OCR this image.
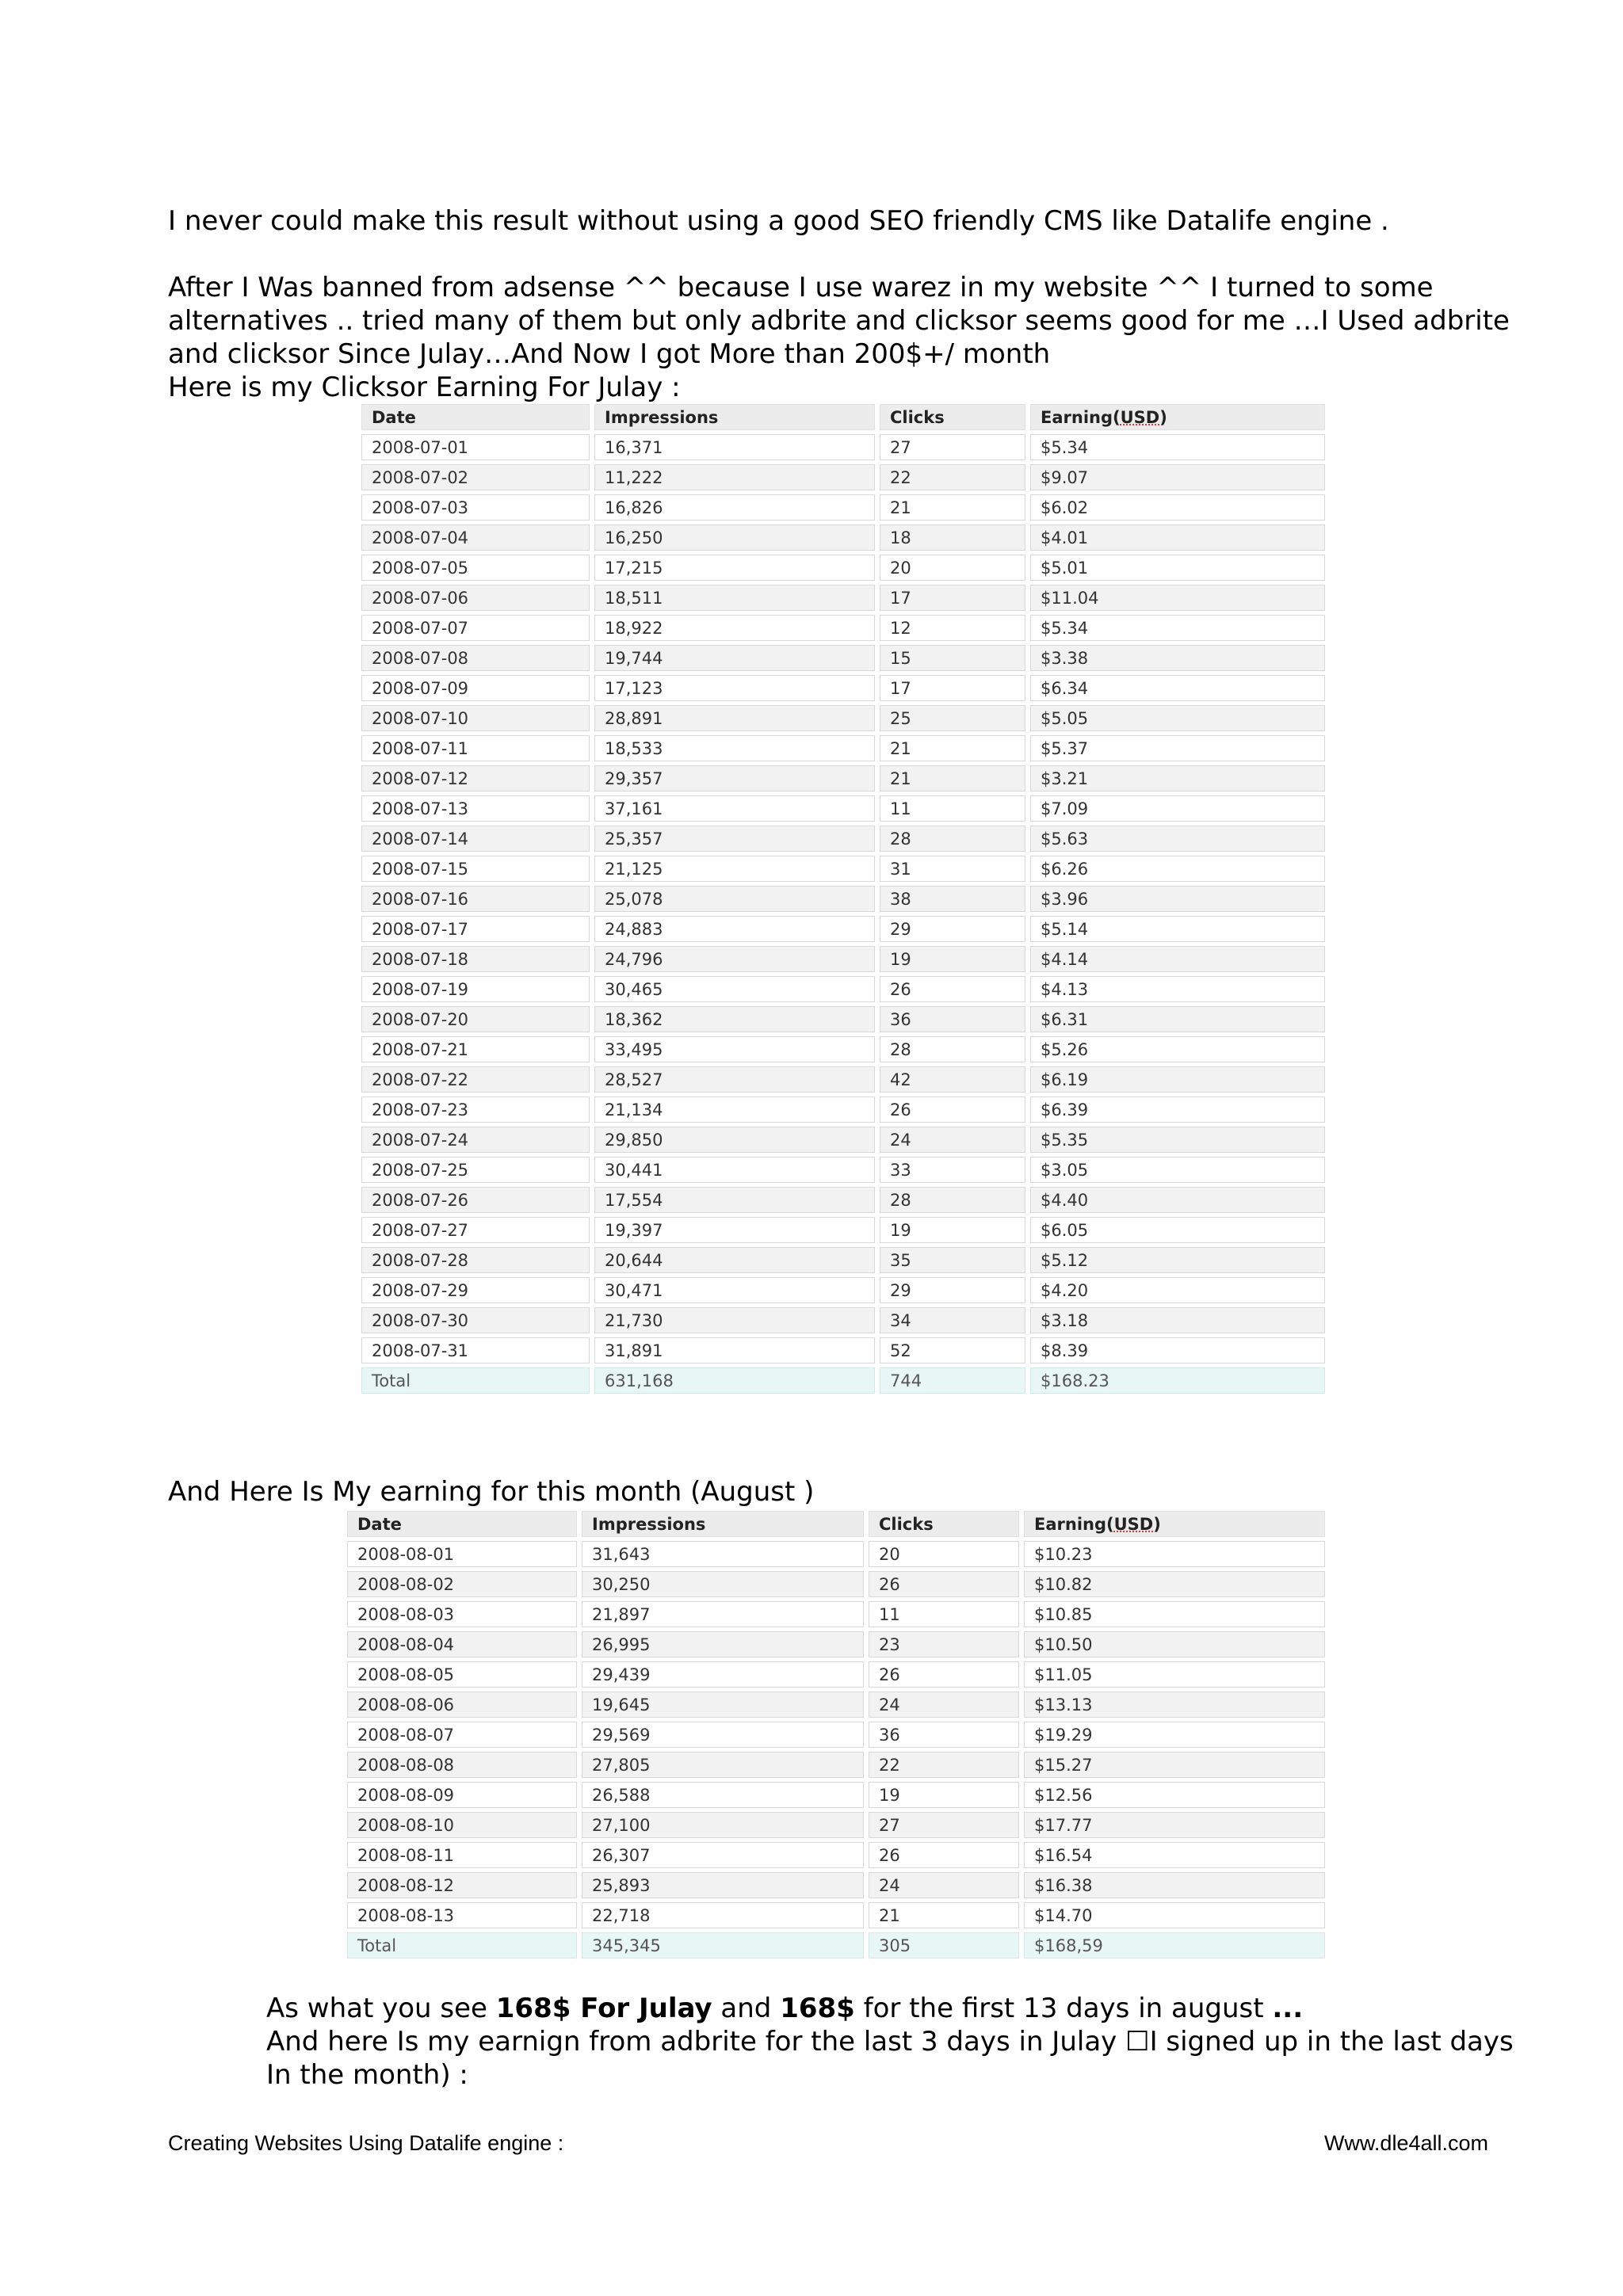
I never could make this result without using a good SEO friendly CMS like Datalife engine .

After I Was banned from adsense ^^ because I use warez in my website ^^ I turned to some alternatives .. tried many of them but only adbrite and clicksor seems good for me …I Used adbrite and clicksor Since Julay…And Now I got More than 200$+/ month

Here is my Clicksor Earning For Julay :

Date	Impressions	Clicks	Earning(USD)
2008-07-01	16,371	27	$5.34
2008-07-02	11,222	22	$9.07
2008-07-03	16,826	21	$6.02
2008-07-04	16,250	18	$4.01
2008-07-05	17,215	20	$5.01
2008-07-06	18,511	17	$11.04
2008-07-07	18,922	12	$5.34
2008-07-08	19,744	15	$3.38
2008-07-09	17,123	17	$6.34
2008-07-10	28,891	25	$5.05
2008-07-11	18,533	21	$5.37
2008-07-12	29,357	21	$3.21
2008-07-13	37,161	11	$7.09
2008-07-14	25,357	28	$5.63
2008-07-15	21,125	31	$6.26
2008-07-16	25,078	38	$3.96
2008-07-17	24,883	29	$5.14
2008-07-18	24,796	19	$4.14
2008-07-19	30,465	26	$4.13
2008-07-20	18,362	36	$6.31
2008-07-21	33,495	28	$5.26
2008-07-22	28,527	42	$6.19
2008-07-23	21,134	26	$6.39
2008-07-24	29,850	24	$5.35
2008-07-25	30,441	33	$3.05
2008-07-26	17,554	28	$4.40
2008-07-27	19,397	19	$6.05
2008-07-28	20,644	35	$5.12
2008-07-29	30,471	29	$4.20
2008-07-30	21,730	34	$3.18
2008-07-31	31,891	52	$8.39
Total	631,168	744	$168.23

And Here Is My earning for this month (August )

Date	Impressions	Clicks	Earning(USD)
2008-08-01	31,643	20	$10.23
2008-08-02	30,250	26	$10.82
2008-08-03	21,897	11	$10.85
2008-08-04	26,995	23	$10.50
2008-08-05	29,439	26	$11.05
2008-08-06	19,645	24	$13.13
2008-08-07	29,569	36	$19.29
2008-08-08	27,805	22	$15.27
2008-08-09	26,588	19	$12.56
2008-08-10	27,100	27	$17.77
2008-08-11	26,307	26	$16.54
2008-08-12	25,893	24	$16.38
2008-08-13	22,718	21	$14.70
Total	345,345	305	$168,59

As what you see 168$ For Julay and 168$ for the first 13 days in august ...

And here Is my earnign from adbrite for the last 3 days in Julay ☐I signed up in the last days In the month) :

Creating Websites Using Datalife engine :	Www.dle4all.com
